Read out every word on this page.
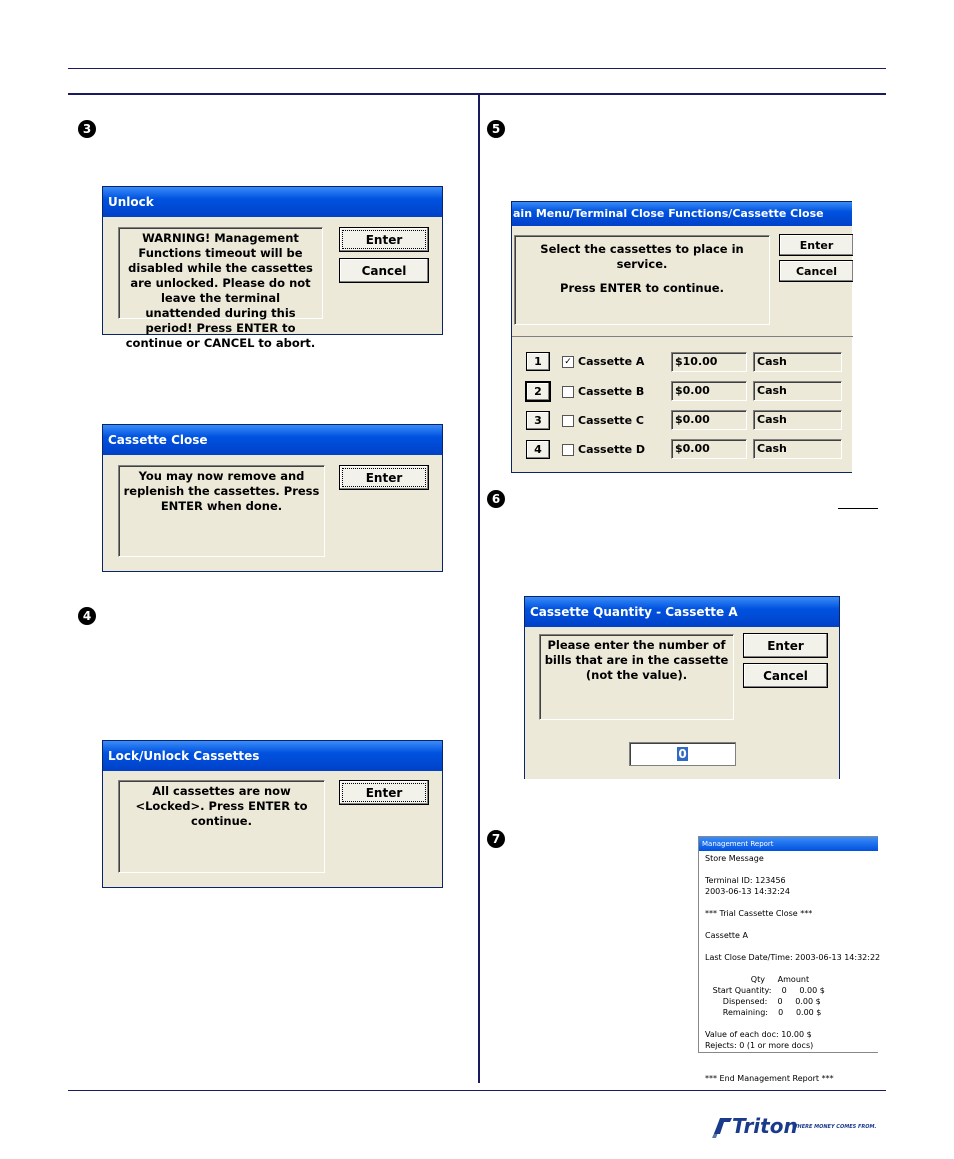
3
4
5
6
7
Unlock
WARNING! Management Functions timeout will be disabled while the cassettes are unlocked. Please do not leave the terminal unattended during this period! Press ENTER to continue or CANCEL to abort.
Enter
Cancel
Cassette Close
You may now remove and replenish the cassettes. Press ENTER when done.
Enter
Lock/Unlock Cassettes
All cassettes are now <Locked>. Press ENTER to continue.
Enter
ain Menu/Terminal Close Functions/Cassette Close
Select the cassettes to place in service.
Press ENTER to continue.
Enter
Cancel
1	✓ Cassette A	$10.00	Cash
2	Cassette B	$0.00	Cash
3	Cassette C	$0.00	Cash
4	Cassette D	$0.00	Cash
Cassette Quantity - Cassette A
Please enter the number of bills that are in the cassette (not the value).
Enter
Cancel
0
Management Report
Store Message

Terminal ID: 123456
2003-06-13 14:32:24

*** Trial Cassette Close ***

Cassette A

Last Close Date/Time: 2003-06-13 14:32:22

Qty     Amount
Start Quantity:    0     0.00 $
Dispensed:    0     0.00 $
Remaining:    0     0.00 $

Value of each doc: 10.00 $
Rejects: 0 (1 or more docs)

*** End Management Report ***
Triton
WHERE MONEY COMES FROM.
